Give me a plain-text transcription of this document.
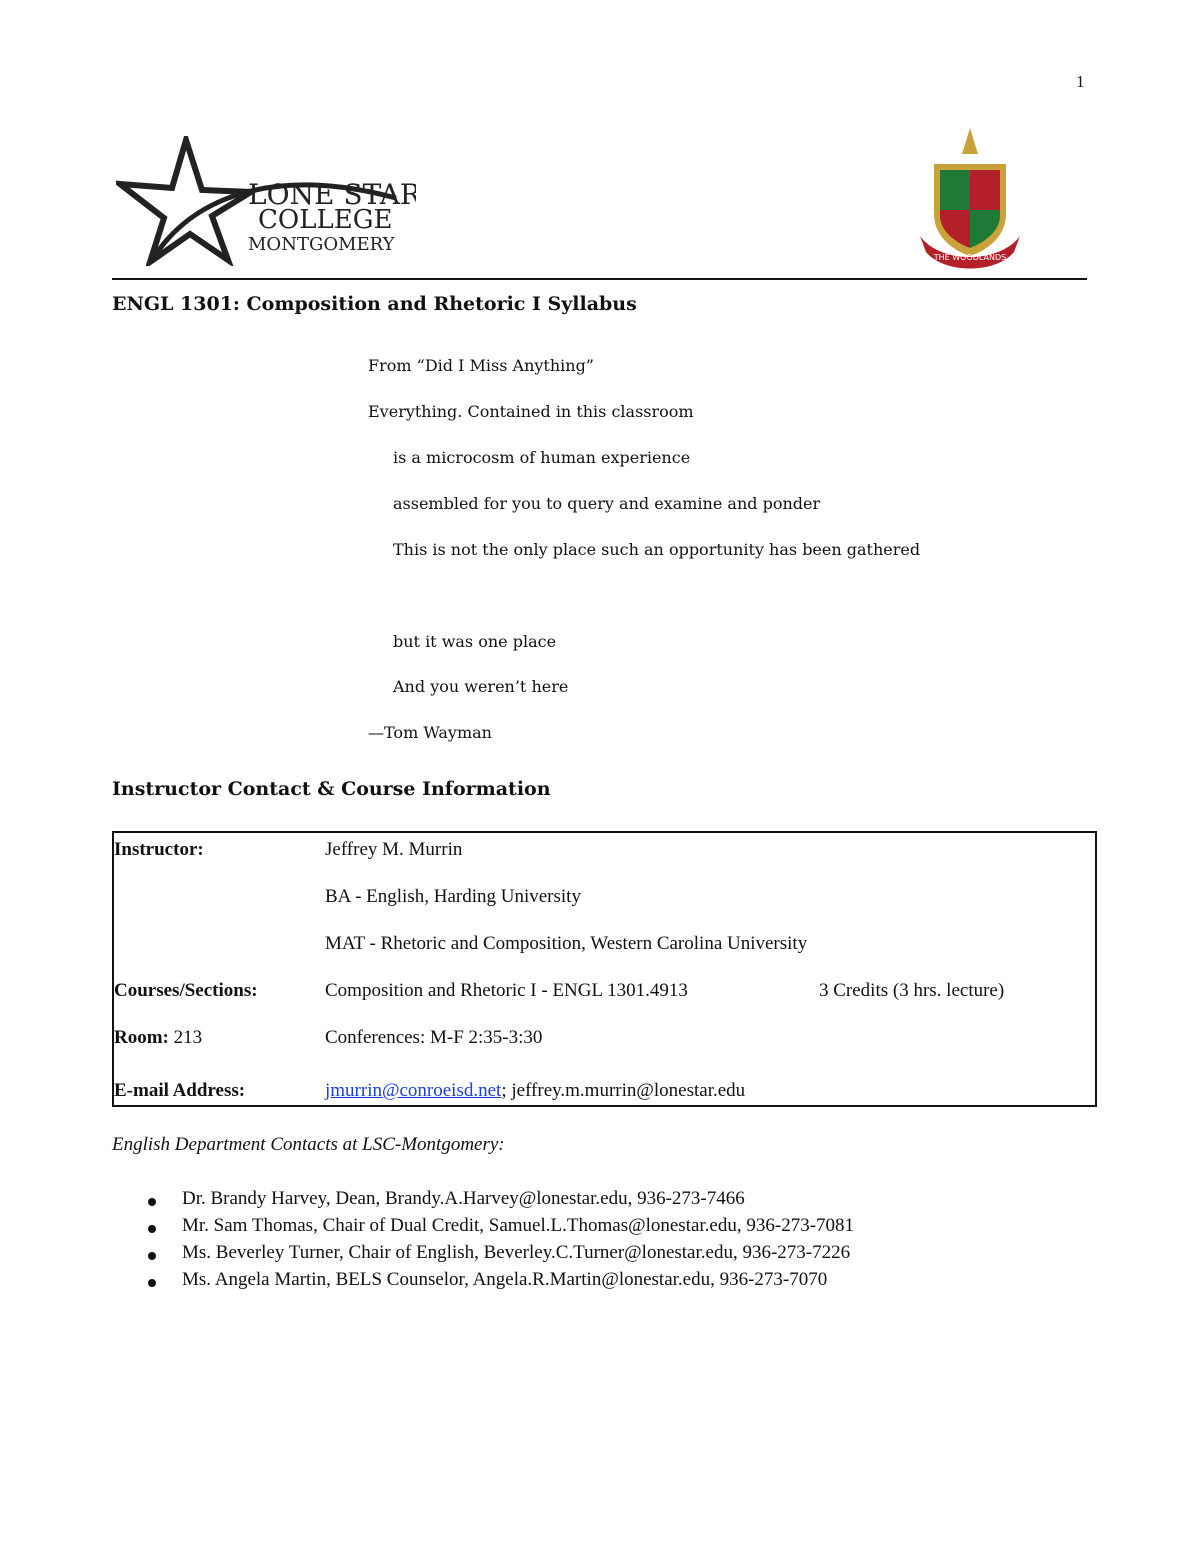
1
LONE STAR
COLLEGE
MONTGOMERY
THE WOODLANDS
ENGL 1301: Composition and Rhetoric I Syllabus
From “Did I Miss Anything”
Everything. Contained in this classroom
is a microcosm of human experience
assembled for you to query and examine and ponder
This is not the only place such an opportunity has been gathered
but it was one place
And you weren’t here
—Tom Wayman
Instructor Contact & Course Information
Instructor:	Jeffrey M. Murrin
BA - English, Harding University
MAT - Rhetoric and Composition, Western Carolina University
Courses/Sections:	Composition and Rhetoric I - ENGL 1301.4913	3 Credits (3 hrs. lecture)
Room: 213	Conferences: M-F 2:35-3:30
E-mail Address:	jmurrin@conroeisd.net; jeffrey.m.murrin@lonestar.edu
English Department Contacts at LSC-Montgomery:
Dr. Brandy Harvey, Dean, Brandy.A.Harvey@lonestar.edu, 936-273-7466
Mr. Sam Thomas, Chair of Dual Credit, Samuel.L.Thomas@lonestar.edu, 936-273-7081
Ms. Beverley Turner, Chair of English, Beverley.C.Turner@lonestar.edu, 936-273-7226
Ms. Angela Martin, BELS Counselor, Angela.R.Martin@lonestar.edu, 936-273-7070
